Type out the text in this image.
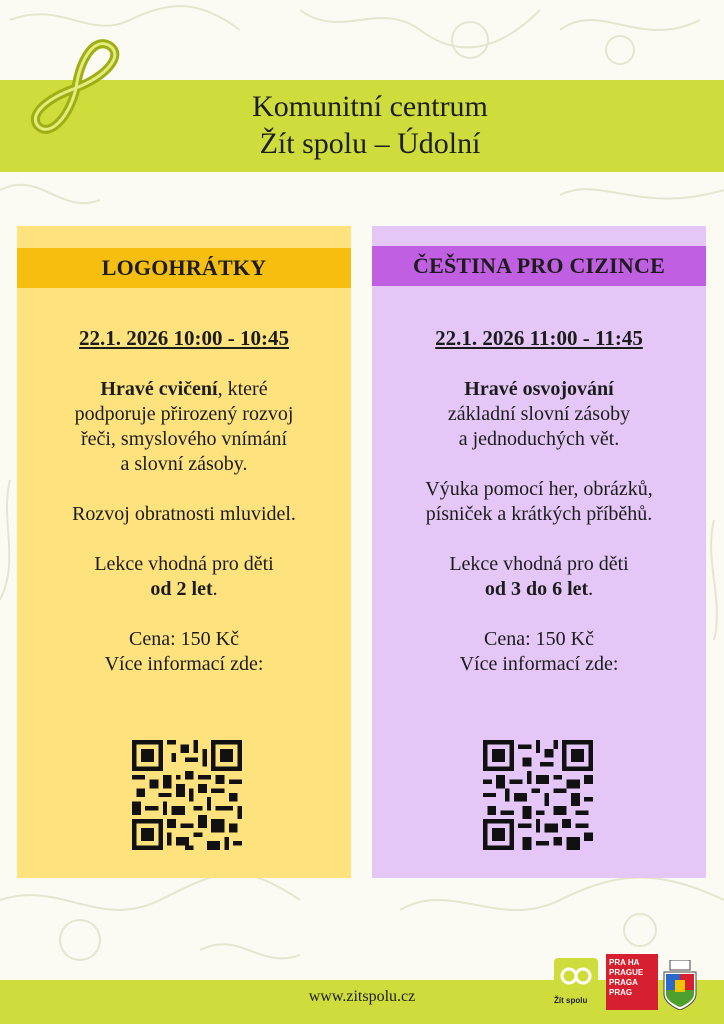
Komunitní centrum
Žít spolu – Údolní
LOGOHRÁTKY
22.1. 2026 10:00 - 10:45
Hravé cvičení, které
podporuje přirozený rozvoj
řeči, smyslového vnímání
a slovní zásoby.
Rozvoj obratnosti mluvidel.
Lekce vhodná pro děti
od 2 let.
Cena: 150 Kč
Více informací zde:
ČEŠTINA PRO CIZINCE
22.1. 2026 11:00 - 11:45
Hravé osvojování
základní slovní zásoby
a jednoduchých vět.
Výuka pomocí her, obrázků,
písniček a krátkých příběhů.
Lekce vhodná pro děti
od 3 do 6 let.
Cena: 150 Kč
Více informací zde:
www.zitspolu.cz	Žít spolu
PRA HA
PRAGUE
PRAGA
PRAG
